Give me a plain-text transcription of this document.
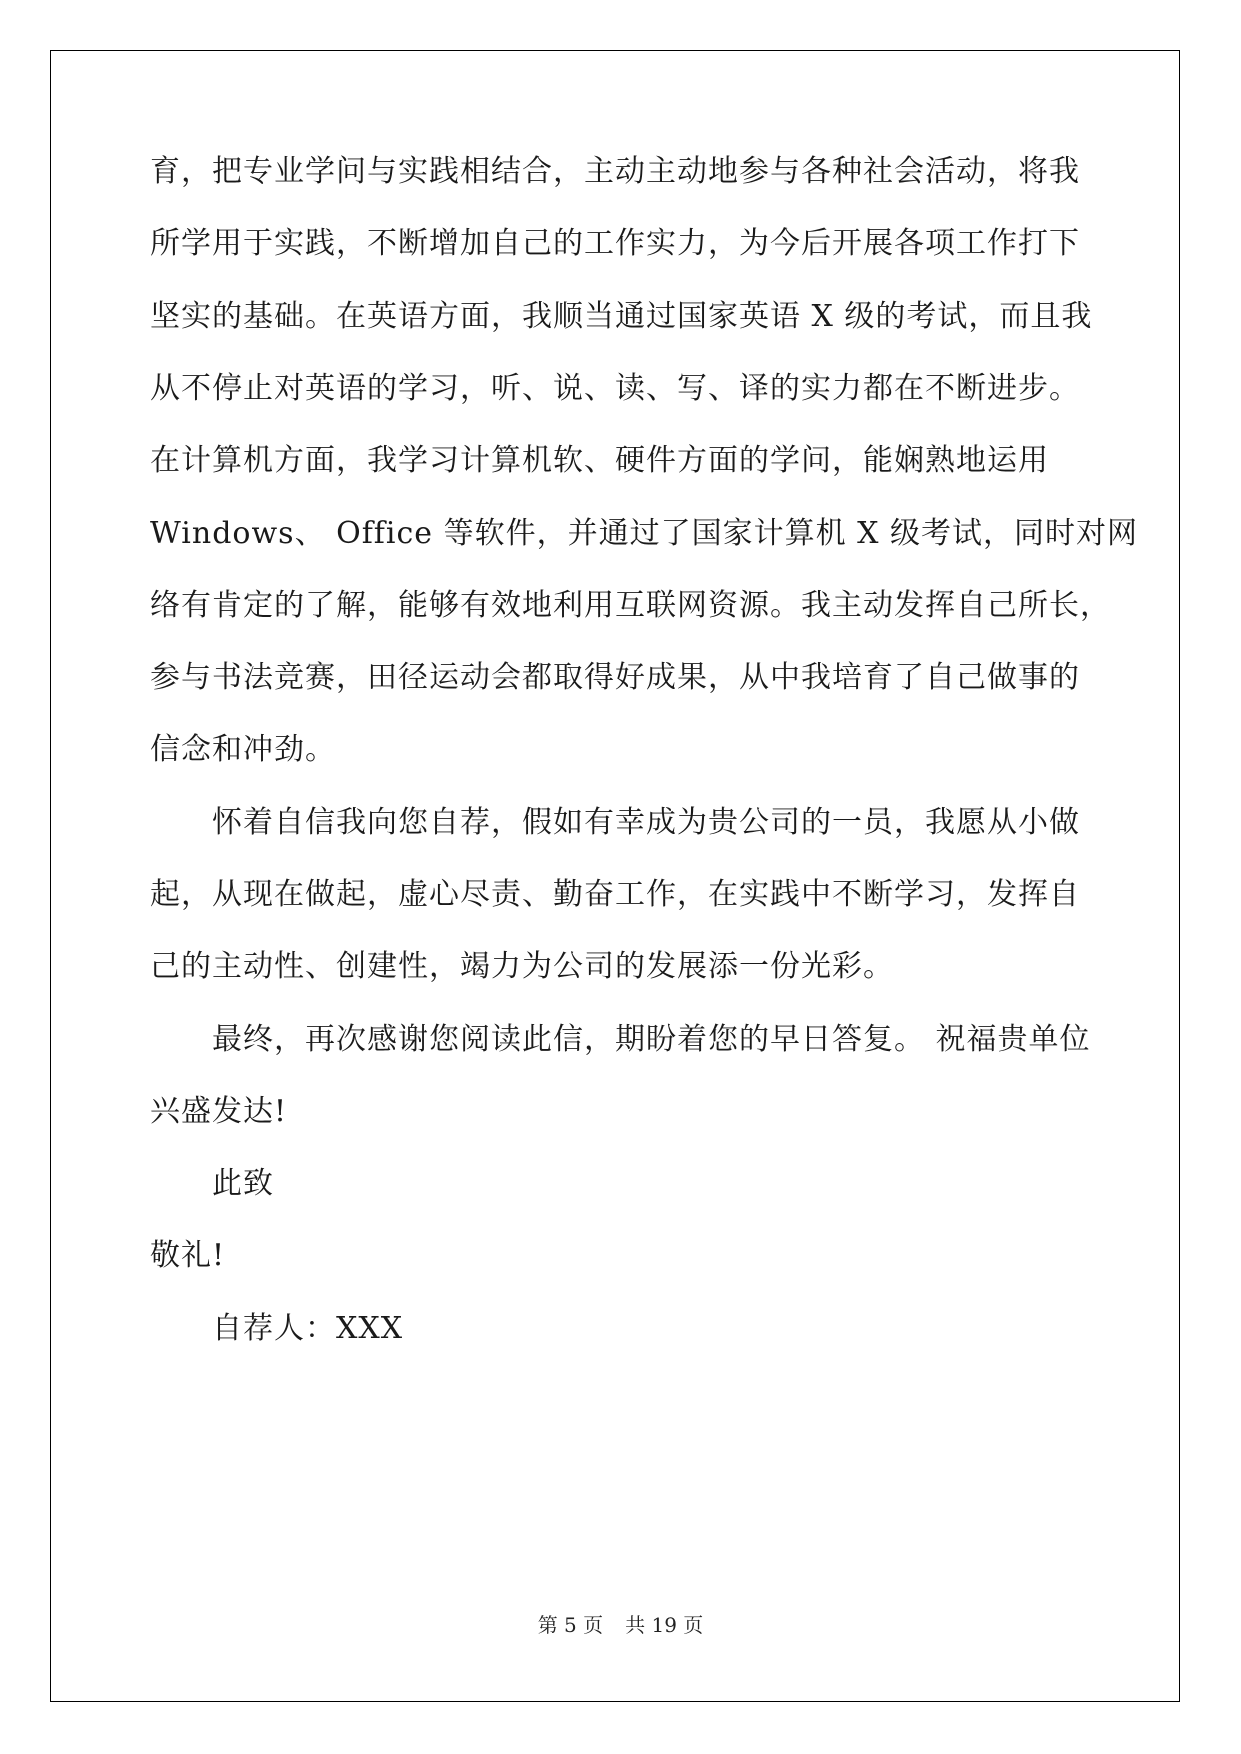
育，把专业学问与实践相结合，主动主动地参与各种社会活动，将我
所学用于实践，不断增加自己的工作实力，为今后开展各项工作打下
坚实的基础。在英语方面，我顺当通过国家英语 X 级的考试，而且我
从不停止对英语的学习，听、说、读、写、译的实力都在不断进步。
在计算机方面，我学习计算机软、硬件方面的学问，能娴熟地运用
Windows、 Office 等软件，并通过了国家计算机 X 级考试，同时对网
络有肯定的了解，能够有效地利用互联网资源。我主动发挥自己所长，
参与书法竞赛，田径运动会都取得好成果，从中我培育了自己做事的
信念和冲劲。
怀着自信我向您自荐，假如有幸成为贵公司的一员，我愿从小做
起，从现在做起，虚心尽责、勤奋工作，在实践中不断学习，发挥自
己的主动性、创建性，竭力为公司的发展添一份光彩。
最终，再次感谢您阅读此信，期盼着您的早日答复。 祝福贵单位
兴盛发达!
此致
敬礼!
自荐人：XXX
第 5 页 共 19 页
